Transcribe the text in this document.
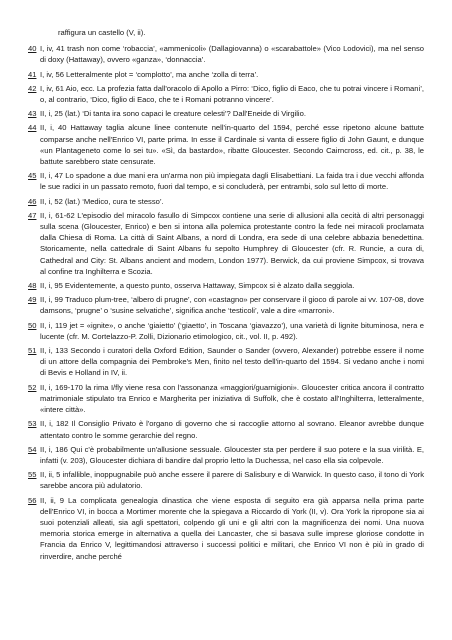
raffigura un castello (V, ii).

40 I, iv, 41 trash non come ‘robaccia’, «ammenicoli» (Dallagiovanna) o «scarabattole» (Vico Lodovici), ma nel senso di doxy (Hattaway), ovvero «ganza», ‘donnaccia’.
41 I, iv, 56 Letteralmente plot = ‘complotto’, ma anche ‘zolla di terra’.
42 I, iv, 61 Aio, ecc. La profezia fatta dall'oracolo di Apollo a Pirro: ‘Dico, figlio di Eaco, che tu potrai vincere i Romani’, o, al contrario, ‘Dico, figlio di Eaco, che te i Romani potranno vincere’.
43 II, i, 25 (lat.) ‘Di tanta ira sono capaci le creature celesti’? Dall'Eneide di Virgilio.
44 II, i, 40 Hattaway taglia alcune linee contenute nell'in-quarto del 1594, perché esse ripetono alcune battute comparse anche nell'Enrico VI, parte prima. In esse il Cardinale si vanta di essere figlio di John Gaunt, e dunque «un Plantageneto come lo sei tu». «Sì, da bastardo», ribatte Gloucester. Secondo Cairncross, ed. cit., p. 38, le battute sarebbero state censurate.
45 II, i, 47 Lo spadone a due mani era un'arma non più impiegata dagli Elisabettiani. La faida tra i due vecchi affonda le sue radici in un passato remoto, fuori dal tempo, e si concluderà, per entrambi, solo sul letto di morte.
46 II, i, 52 (lat.) ‘Medico, cura te stesso’.
47 II, i, 61-62 L'episodio del miracolo fasullo di Simpcox contiene una serie di allusioni alla cecità di altri personaggi sulla scena (Gloucester, Enrico) e ben si intona alla polemica protestante contro la fede nei miracoli proclamata dalla Chiesa di Roma. La città di Saint Albans, a nord di Londra, era sede di una celebre abbazia benedettina. Storicamente, nella cattedrale di Saint Albans fu sepolto Humphrey di Gloucester (cfr. R. Runcie, a cura di, Cathedral and City: St. Albans ancient and modern, London 1977). Berwick, da cui proviene Simpcox, si trovava al confine tra Inghilterra e Scozia.
48 II, i, 95 Evidentemente, a questo punto, osserva Hattaway, Simpcox si è alzato dalla seggiola.
49 II, i, 99 Traduco plum-tree, ‘albero di prugne’, con «castagno» per conservare il gioco di parole ai vv. 107-08, dove damsons, ‘prugne’ o ‘susine selvatiche’, significa anche ‘testicoli’, vale a dire «marroni».
50 II, i, 119 jet = «ignite», o anche ‘giaietto’ (‘giaetto’, in Toscana ‘giavazzo’), una varietà di lignite bituminosa, nera e lucente (cfr. M. Cortelazzo-P. Zolli, Dizionario etimologico, cit., vol. II, p. 492).
51 II, i, 133 Secondo i curatori della Oxford Edition, Saunder o Sander (ovvero, Alexander) potrebbe essere il nome di un attore della compagnia dei Pembroke's Men, finito nel testo dell'in-quarto del 1594. Si vedano anche i nomi di Bevis e Holland in IV, ii.
52 II, i, 169-170 la rima I/fly viene resa con l'assonanza «maggiori/guarnigioni». Gloucester critica ancora il contratto matrimoniale stipulato tra Enrico e Margherita per iniziativa di Suffolk, che è costato all'Inghilterra, letteralmente, «intere città».
53 II, i, 182 Il Consiglio Privato è l'organo di governo che si raccoglie attorno al sovrano. Eleanor avrebbe dunque attentato contro le somme gerarchie del regno.
54 II, i, 186 Qui c'è probabilmente un'allusione sessuale. Gloucester sta per perdere il suo potere e la sua virilità. E, infatti (v. 203), Gloucester dichiara di bandire dal proprio letto la Duchessa, nel caso ella sia colpevole.
55 II, ii, 5 infallible, inoppugnabile può anche essere il parere di Salisbury e di Warwick. In questo caso, il tono di York sarebbe ancora più adulatorio.
56 II, ii, 9 La complicata genealogia dinastica che viene esposta di seguito era già apparsa nella prima parte dell'Enrico VI, in bocca a Mortimer morente che la spiegava a Riccardo di York (II, v). Ora York la ripropone sia ai suoi potenziali alleati, sia agli spettatori, colpendo gli uni e gli altri con la magnificenza dei nomi. Una nuova memoria storica emerge in alternativa a quella dei Lancaster, che si basava sulle imprese gloriose condotte in Francia da Enrico V, legittimandosi attraverso i successi politici e militari, che Enrico VI non è più in grado di rinverdire, anche perché
